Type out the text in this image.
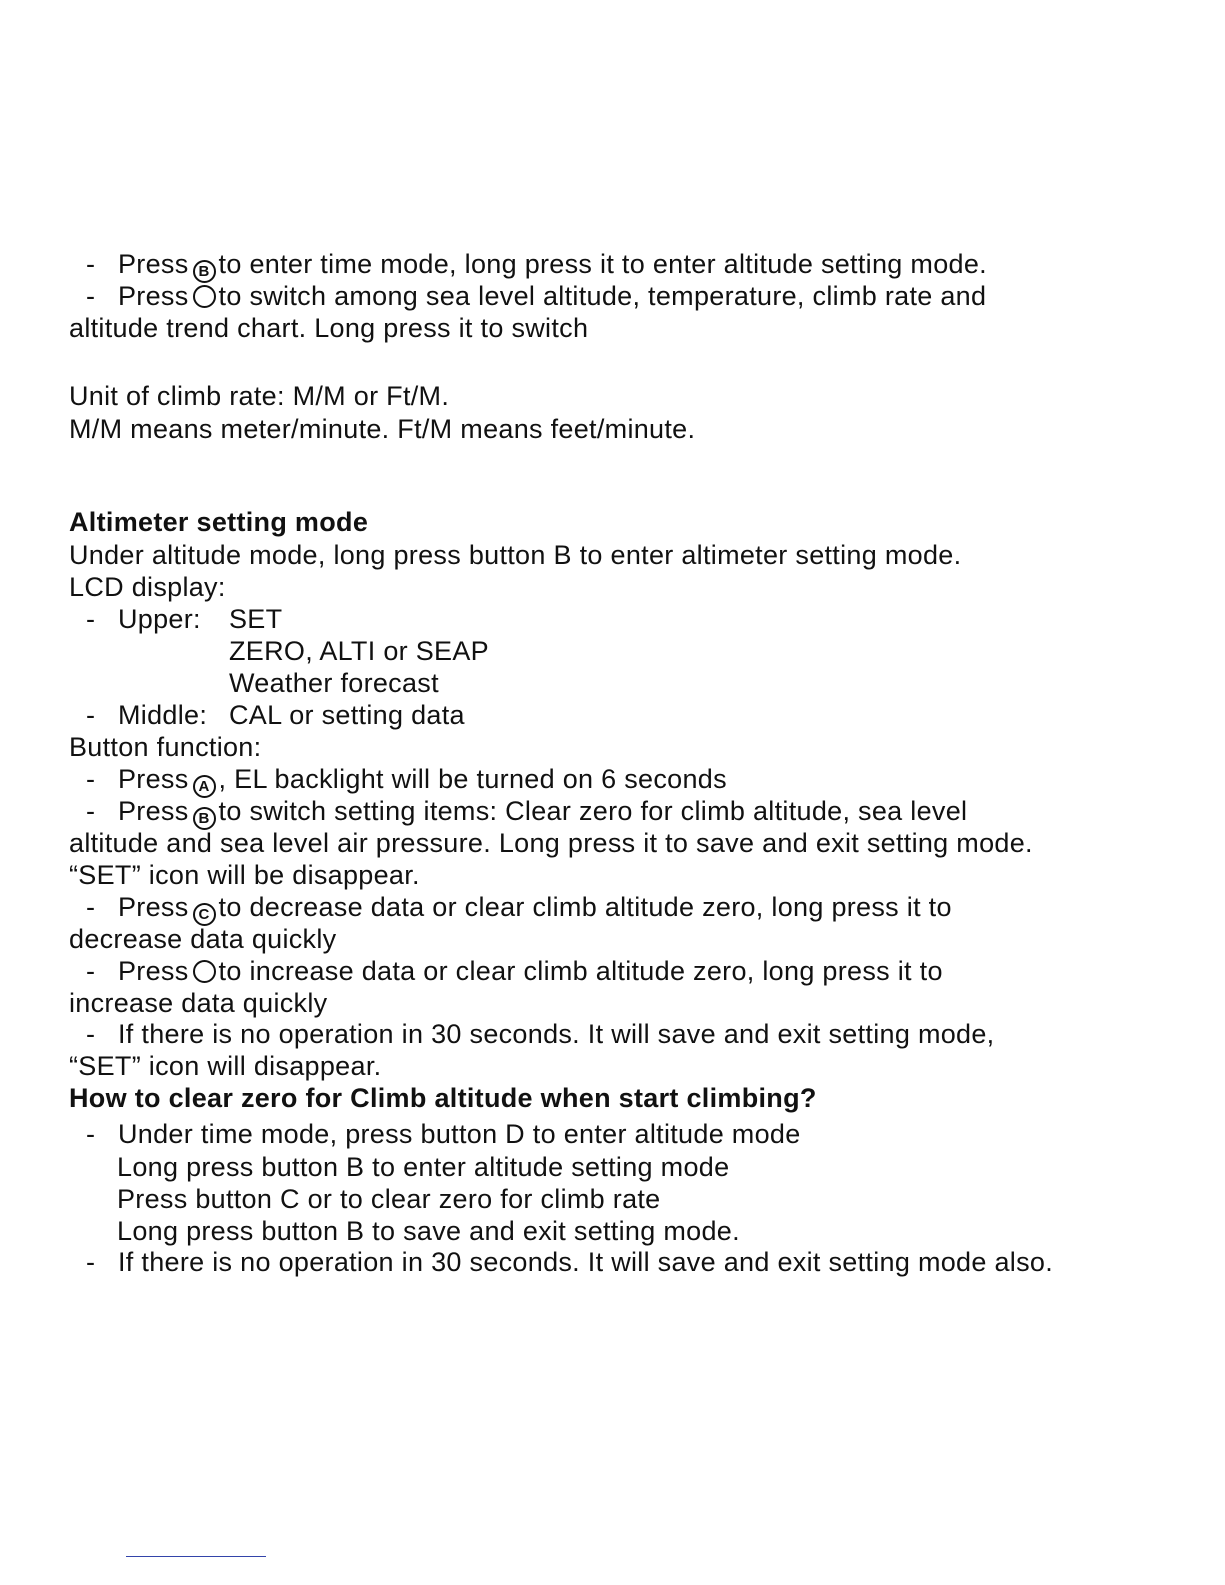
- Press B to enter time mode, long press it to enter altitude setting mode.
- Press to switch among sea level altitude, temperature, climb rate and
altitude trend chart. Long press it to switch
Unit of climb rate: M/M or Ft/M.
M/M means meter/minute. Ft/M means feet/minute.
Altimeter setting mode
Under altitude mode, long press button B to enter altimeter setting mode.
LCD display:
- Upper: SET
ZERO, ALTI or SEAP
Weather forecast
- Middle: CAL or setting data
Button function:
- Press A , EL backlight will be turned on 6 seconds
- Press B to switch setting items: Clear zero for climb altitude, sea level
altitude and sea level air pressure. Long press it to save and exit setting mode.
“SET” icon will be disappear.
- Press C to decrease data or clear climb altitude zero, long press it to
decrease data quickly
- Press to increase data or clear climb altitude zero, long press it to
increase data quickly
- If there is no operation in 30 seconds. It will save and exit setting mode,
“SET” icon will disappear.
How to clear zero for Climb altitude when start climbing?
- Under time mode, press button D to enter altitude mode
Long press button B to enter altitude setting mode
Press button C or to clear zero for climb rate
Long press button B to save and exit setting mode.
- If there is no operation in 30 seconds. It will save and exit setting mode also.
